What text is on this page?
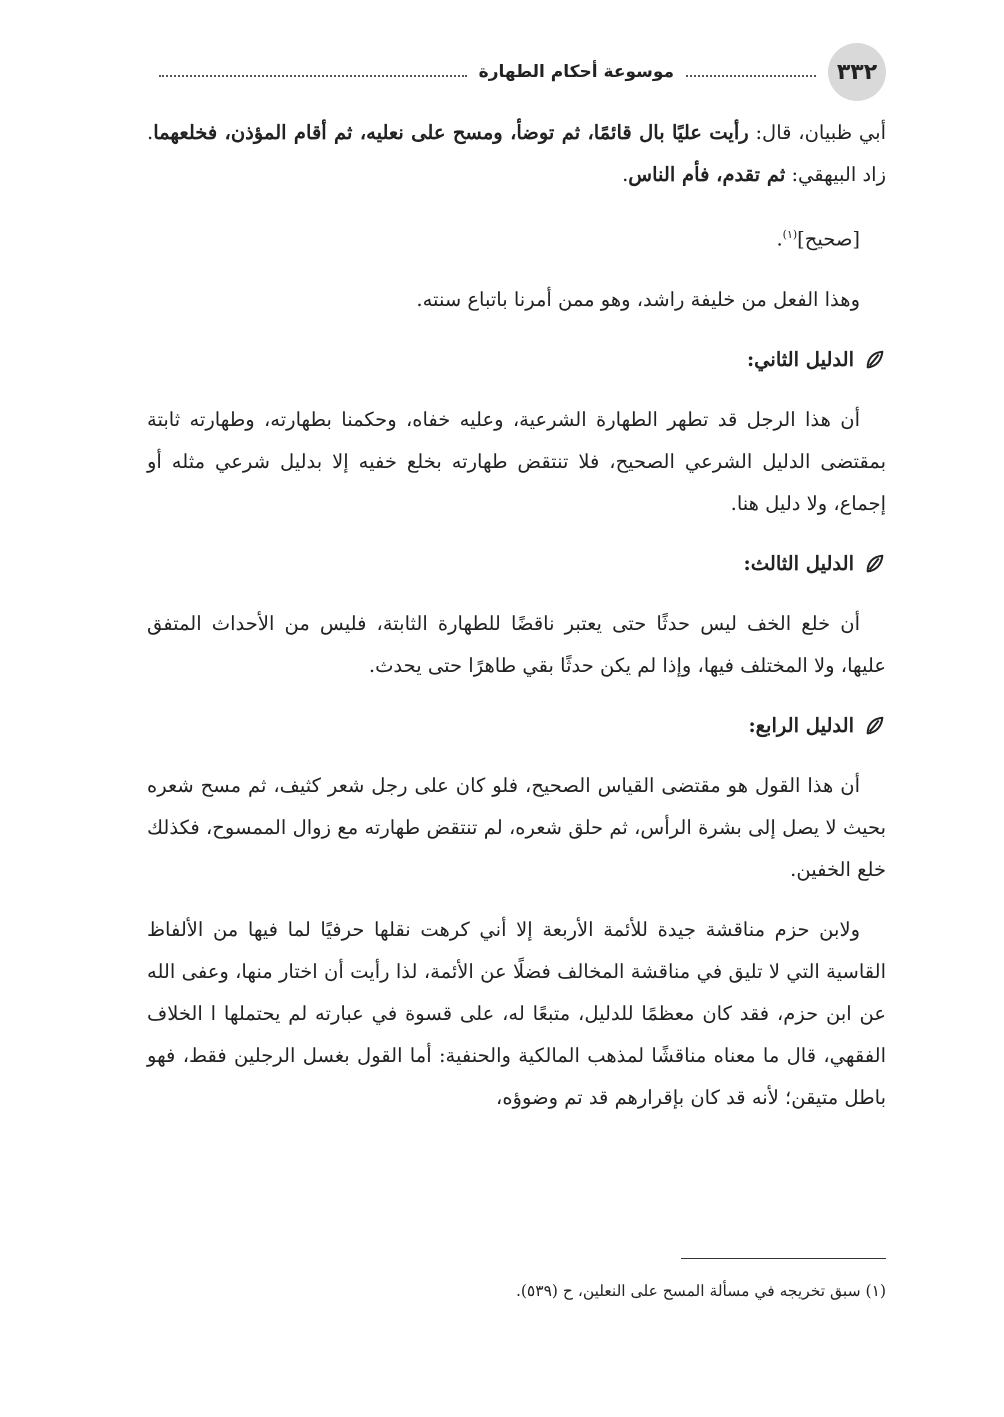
٣٣٢
موسوعة أحكام الطهارة

أبي ظبيان، قال: رأيت عليًا بال قائمًا، ثم توضأ، ومسح على نعليه، ثم أقام المؤذن، فخلعهما. زاد البيهقي: ثم تقدم، فأم الناس.

[صحيح]$^{(١)}$.

وهذا الفعل من خليفة راشد، وهو ممن أمرنا باتباع سنته.

الدليل الثاني:

أن هذا الرجل قد تطهر الطهارة الشرعية، وعليه خفاه، وحكمنا بطهارته، وطهارته ثابتة بمقتضى الدليل الشرعي الصحيح، فلا تنتقض طهارته بخلع خفيه إلا بدليل شرعي مثله أو إجماع، ولا دليل هنا.

الدليل الثالث:

أن خلع الخف ليس حدثًا حتى يعتبر ناقضًا للطهارة الثابتة، فليس من الأحداث المتفق عليها، ولا المختلف فيها، وإذا لم يكن حدثًا بقي طاهرًا حتى يحدث.

الدليل الرابع:

أن هذا القول هو مقتضى القياس الصحيح، فلو كان على رجل شعر كثيف، ثم مسح شعره بحيث لا يصل إلى بشرة الرأس، ثم حلق شعره، لم تنتقض طهارته مع زوال الممسوح، فكذلك خلع الخفين.

ولابن حزم مناقشة جيدة للأئمة الأربعة إلا أني كرهت نقلها حرفيًا لما فيها من الألفاظ القاسية التي لا تليق في مناقشة المخالف فضلًا عن الأئمة، لذا رأيت أن اختار منها، وعفى الله عن ابن حزم، فقد كان معظمًا للدليل، متبعًا له، على قسوة في عبارته لم يحتملها ا الخلاف الفقهي، قال ما معناه مناقشًا لمذهب المالكية والحنفية: أما القول بغسل الرجلين فقط، فهو باطل متيقن؛ لأنه قد كان بإقرارهم قد تم وضوؤه،

(١) سبق تخريجه في مسألة المسح على النعلين، ح (٥٣٩).
